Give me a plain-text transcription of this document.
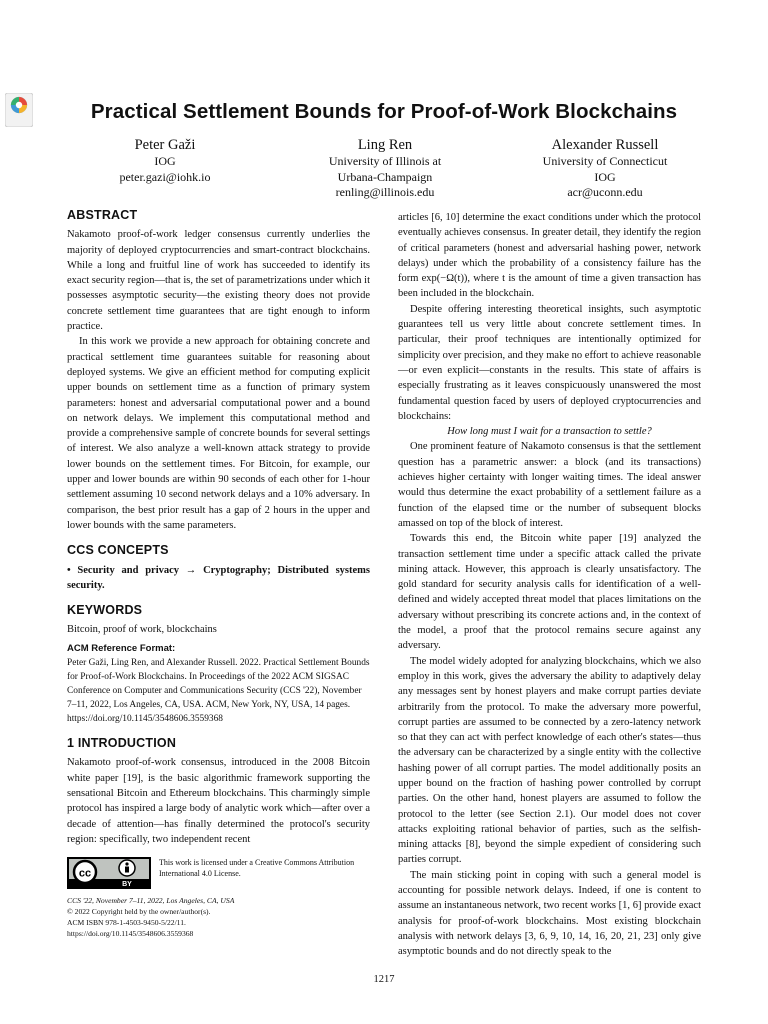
Practical Settlement Bounds for Proof-of-Work Blockchains
Peter Gaži
IOG
peter.gazi@iohk.io
Ling Ren
University of Illinois at
Urbana-Champaign
renling@illinois.edu
Alexander Russell
University of Connecticut
IOG
acr@uconn.edu
ABSTRACT

Nakamoto proof-of-work ledger consensus currently underlies the majority of deployed cryptocurrencies and smart-contract blockchains. While a long and fruitful line of work has succeeded to identify its exact security region—that is, the set of parametrizations under which it possesses asymptotic security—the existing theory does not provide concrete settlement time guarantees that are tight enough to inform practice.

In this work we provide a new approach for obtaining concrete and practical settlement time guarantees suitable for reasoning about deployed systems. We give an efficient method for computing explicit upper bounds on settlement time as a function of primary system parameters: honest and adversarial computational power and a bound on network delays. We implement this computational method and provide a comprehensive sample of concrete bounds for several settings of interest. We also analyze a well-known attack strategy to provide lower bounds on the settlement times. For Bitcoin, for example, our upper and lower bounds are within 90 seconds of each other for 1-hour settlement assuming 10 second network delays and a 10% adversary. In comparison, the best prior result has a gap of 2 hours in the upper and lower bounds with the same parameters.

CCS CONCEPTS

• Security and privacy → Cryptography; Distributed systems security.

KEYWORDS

Bitcoin, proof of work, blockchains

ACM Reference Format:

Peter Gaži, Ling Ren, and Alexander Russell. 2022. Practical Settlement Bounds for Proof-of-Work Blockchains. In Proceedings of the 2022 ACM SIGSAC Conference on Computer and Communications Security (CCS '22), November 7–11, 2022, Los Angeles, CA, USA. ACM, New York, NY, USA, 14 pages. https://doi.org/10.1145/3548606.3559368

1 INTRODUCTION

Nakamoto proof-of-work consensus, introduced in the 2008 Bitcoin white paper [19], is the basic algorithmic framework supporting the sensational Bitcoin and Ethereum blockchains. This charmingly simple protocol has inspired a large body of analytic work which—after over a decade of attention—has finally determined the protocol's security region: specifically, two independent recent

cc
BY
This work is licensed under a Creative Commons Attribution International 4.0 License.
CCS '22, November 7–11, 2022, Los Angeles, CA, USA
© 2022 Copyright held by the owner/author(s).
ACM ISBN 978-1-4503-9450-5/22/11.
https://doi.org/10.1145/3548606.3559368

articles [6, 10] determine the exact conditions under which the protocol eventually achieves consensus. In greater detail, they identify the region of critical parameters (honest and adversarial hashing power, network delays) under which the probability of a consistency failure has the form exp(−Ω(t)), where t is the amount of time a given transaction has been included in the blockchain.

Despite offering interesting theoretical insights, such asymptotic guarantees tell us very little about concrete settlement times. In particular, their proof techniques are intentionally optimized for simplicity over precision, and they make no effort to achieve reasonable—or even explicit—constants in the results. This state of affairs is especially frustrating as it leaves conspicuously unanswered the most fundamental question faced by users of deployed cryptocurrencies and blockchains:

How long must I wait for a transaction to settle?

One prominent feature of Nakamoto consensus is that the settlement question has a parametric answer: a block (and its transactions) achieves higher certainty with longer waiting times. The ideal answer would thus determine the exact probability of a settlement failure as a function of the elapsed time or the number of subsequent blocks amassed on top of the block of interest.

Towards this end, the Bitcoin white paper [19] analyzed the transaction settlement time under a specific attack called the private mining attack. However, this approach is clearly unsatisfactory. The gold standard for security analysis calls for identification of a well-defined and widely accepted threat model that places limitations on the adversary without prescribing its concrete actions and, in the context of the model, a proof that the protocol remains secure against any adversary.

The model widely adopted for analyzing blockchains, which we also employ in this work, gives the adversary the ability to adaptively delay any messages sent by honest players and make corrupt parties deviate arbitrarily from the protocol. To make the adversary more powerful, corrupt parties are assumed to be connected by a zero-latency network so that they can act with perfect knowledge of each other's states—thus the adversary can be characterized by a single entity with the collective hashing power of all corrupt parties. The model additionally posits an upper bound on the fraction of hashing power controlled by corrupt parties. On the other hand, honest players are assumed to follow the protocol to the letter (see Section 2.1). Our model does not cover attacks exploiting rational behavior of parties, such as the selfish-mining attacks [8], beyond the simple expedient of considering such parties corrupt.

The main sticking point in coping with such a general model is accounting for possible network delays. Indeed, if one is content to assume an instantaneous network, two recent works [1, 6] provide exact analysis for proof-of-work blockchains. Most existing blockchain analysis with network delays [3, 6, 9, 10, 14, 16, 20, 21, 23] only give asymptotic bounds and do not directly speak to the

1217
